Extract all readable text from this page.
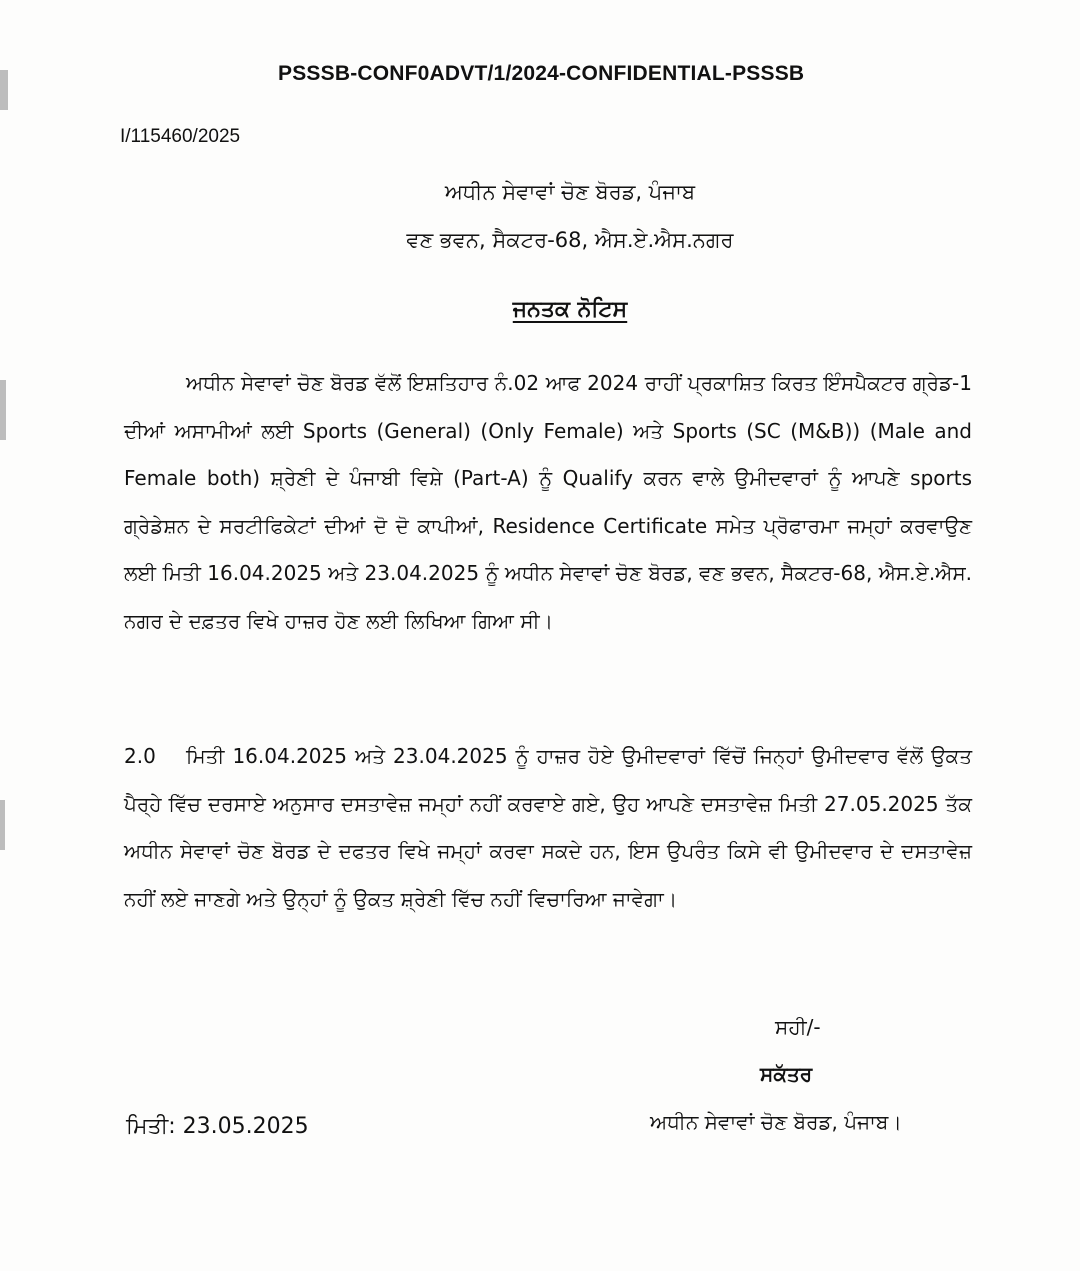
PSSSB-CONF0ADVT/1/2024-CONFIDENTIAL-PSSSB
I/115460/2025
ਅਧੀਨ ਸੇਵਾਵਾਂ ਚੋਣ ਬੋਰਡ, ਪੰਜਾਬ
ਵਣ ਭਵਨ, ਸੈਕਟਰ-68, ਐਸ.ਏ.ਐਸ.ਨਗਰ
ਜਨਤਕ ਨੋਟਿਸ
ਅਧੀਨ ਸੇਵਾਵਾਂ ਚੋਣ ਬੋਰਡ ਵੱਲੋਂ ਇਸ਼ਤਿਹਾਰ ਨੰ.02 ਆਫ 2024 ਰਾਹੀਂ ਪ੍ਰਕਾਸ਼ਿਤ ਕਿਰਤ ਇੰਸਪੈਕਟਰ ਗ੍ਰੇਡ-1 ਦੀਆਂ ਅਸਾਮੀਆਂ ਲਈ Sports (General) (Only Female) ਅਤੇ Sports (SC (M&B)) (Male and Female both) ਸ਼੍ਰੇਣੀ ਦੇ ਪੰਜਾਬੀ ਵਿਸ਼ੇ (Part-A) ਨੂੰ Qualify ਕਰਨ ਵਾਲੇ ਉਮੀਦਵਾਰਾਂ ਨੂੰ ਆਪਣੇ sports ਗ੍ਰੇਡੇਸ਼ਨ ਦੇ ਸਰਟੀਫਿਕੇਟਾਂ ਦੀਆਂ ਦੋ ਦੋ ਕਾਪੀਆਂ, Residence Certificate ਸਮੇਤ ਪ੍ਰੋਫਾਰਮਾ ਜਮ੍ਹਾਂ ਕਰਵਾਉਣ ਲਈ ਮਿਤੀ 16.04.2025 ਅਤੇ 23.04.2025 ਨੂੰ ਅਧੀਨ ਸੇਵਾਵਾਂ ਚੋਣ ਬੋਰਡ, ਵਣ ਭਵਨ, ਸੈਕਟਰ-68, ਐਸ.ਏ.ਐਸ. ਨਗਰ ਦੇ ਦਫ਼ਤਰ ਵਿਖੇ ਹਾਜ਼ਰ ਹੋਣ ਲਈ ਲਿਖਿਆ ਗਿਆ ਸੀ।
2.0 ਮਿਤੀ 16.04.2025 ਅਤੇ 23.04.2025 ਨੂੰ ਹਾਜ਼ਰ ਹੋਏ ਉਮੀਦਵਾਰਾਂ ਵਿੱਚੋਂ ਜਿਨ੍ਹਾਂ ਉਮੀਦਵਾਰ ਵੱਲੋਂ ਉਕਤ ਪੈਰ੍ਹੇ ਵਿੱਚ ਦਰਸਾਏ ਅਨੁਸਾਰ ਦਸਤਾਵੇਜ਼ ਜਮ੍ਹਾਂ ਨਹੀਂ ਕਰਵਾਏ ਗਏ, ਉਹ ਆਪਣੇ ਦਸਤਾਵੇਜ਼ ਮਿਤੀ 27.05.2025 ਤੱਕ ਅਧੀਨ ਸੇਵਾਵਾਂ ਚੋਣ ਬੋਰਡ ਦੇ ਦਫਤਰ ਵਿਖੇ ਜਮ੍ਹਾਂ ਕਰਵਾ ਸਕਦੇ ਹਨ, ਇਸ ਉਪਰੰਤ ਕਿਸੇ ਵੀ ਉਮੀਦਵਾਰ ਦੇ ਦਸਤਾਵੇਜ਼ ਨਹੀਂ ਲਏ ਜਾਣਗੇ ਅਤੇ ਉਨ੍ਹਾਂ ਨੂੰ ਉਕਤ ਸ਼੍ਰੇਣੀ ਵਿੱਚ ਨਹੀਂ ਵਿਚਾਰਿਆ ਜਾਵੇਗਾ।
ਸਹੀ/-
ਸਕੱਤਰ
ਅਧੀਨ ਸੇਵਾਵਾਂ ਚੋਣ ਬੋਰਡ, ਪੰਜਾਬ।
ਮਿਤੀ: 23.05.2025
